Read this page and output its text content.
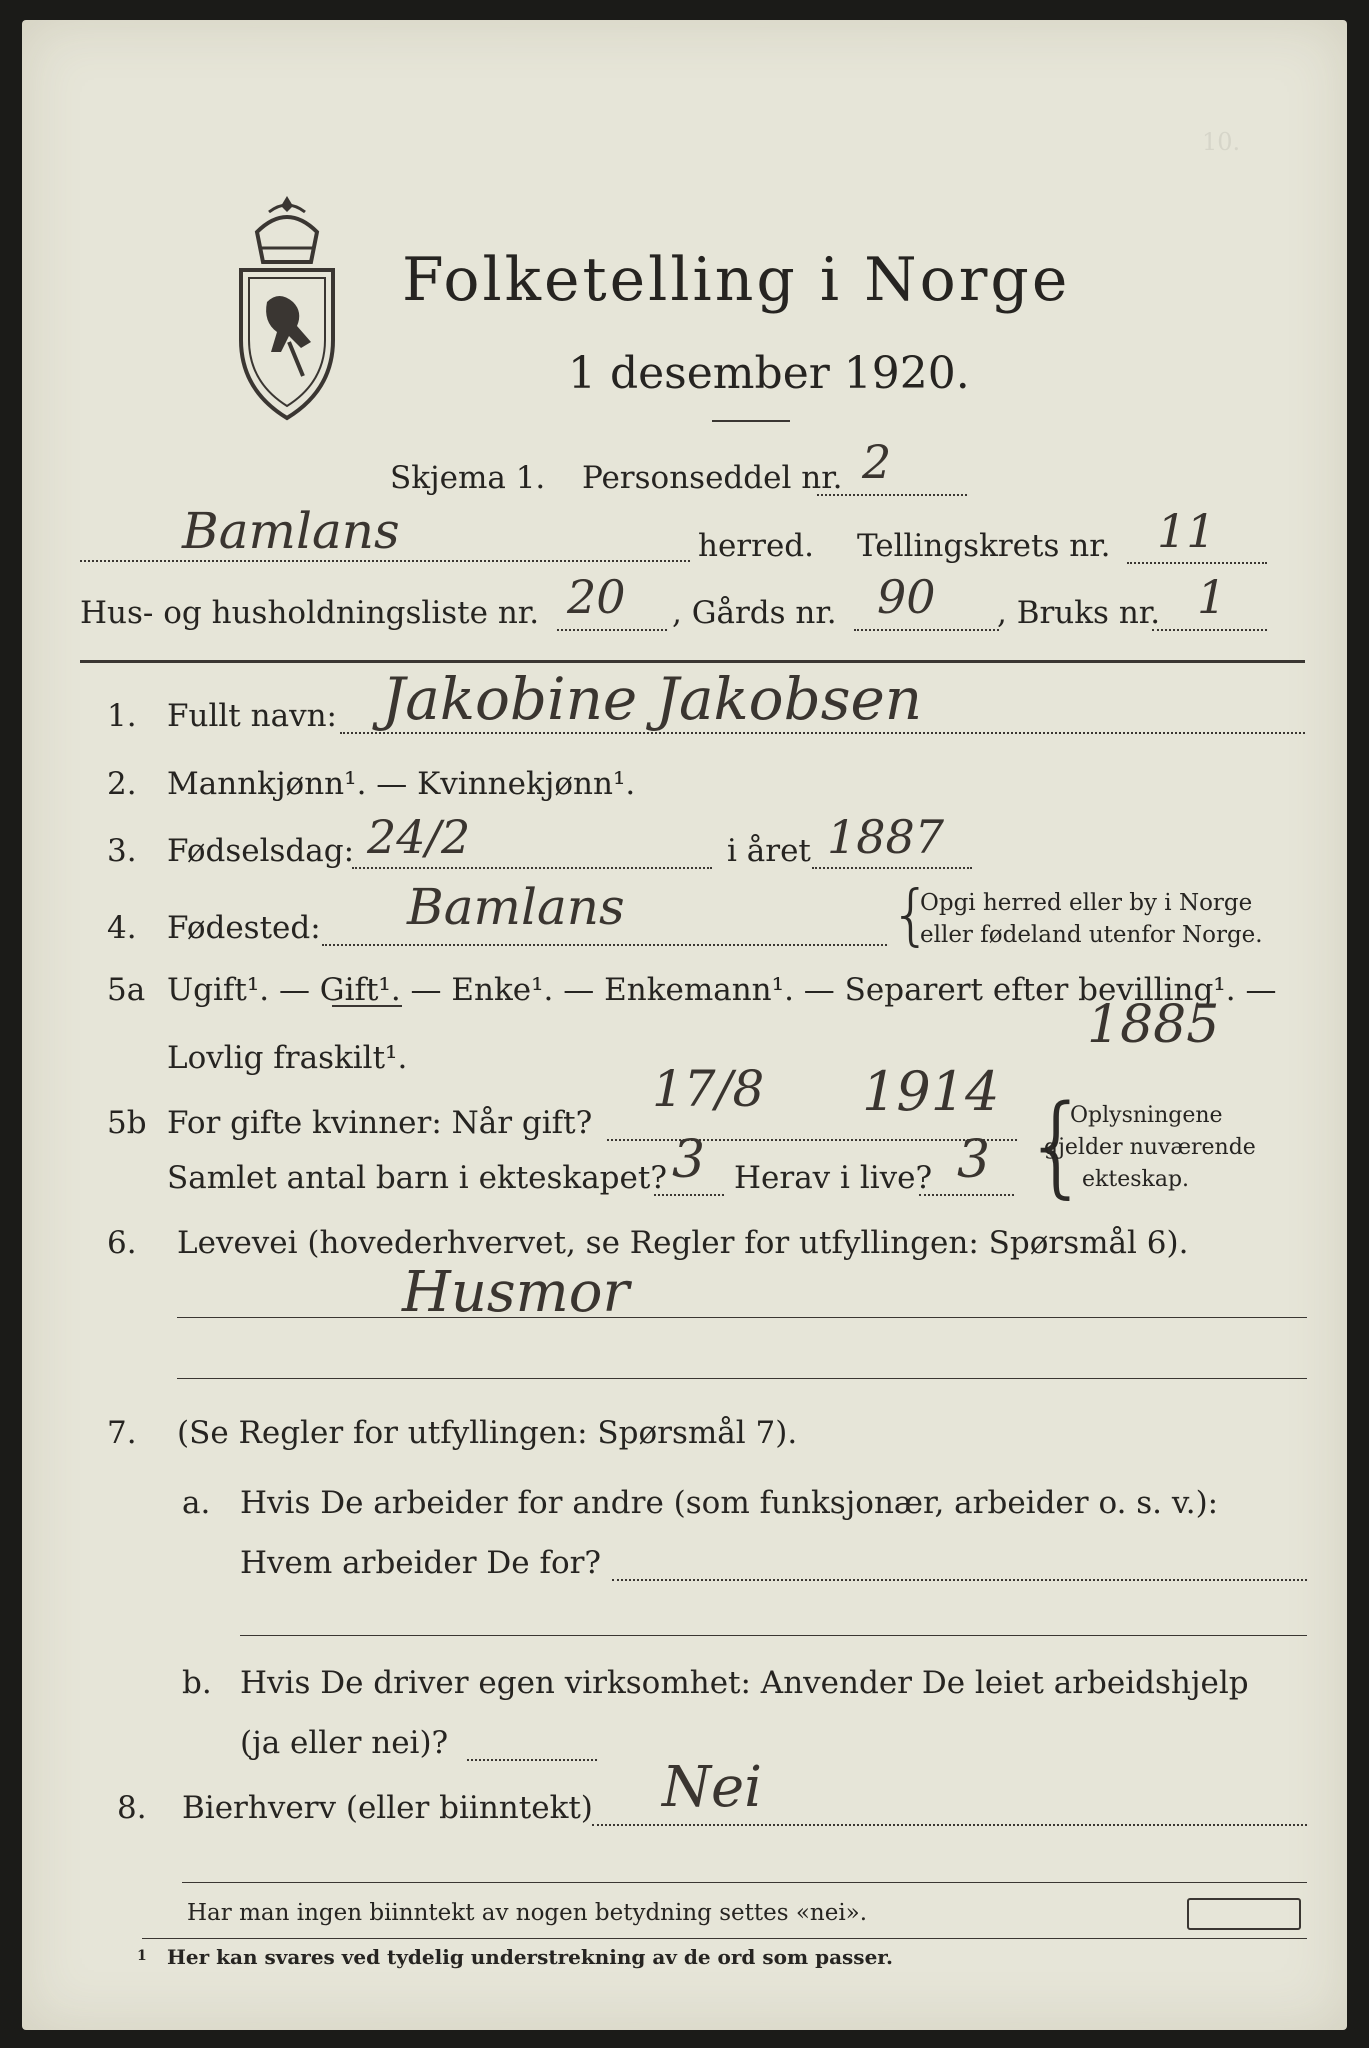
10.
Folketelling i Norge
1 desember 1920.
Skjema 1. Personseddel nr. 2
Bamlans	herred. Tellingskrets nr. 11
Hus- og husholdningsliste nr. 20 , Gårds nr. 90 , Bruks nr. 1
1. Fullt navn: Jakobine Jakobsen
2. Mannkjønn¹. — Kvinnekjønn¹.
3. Fødselsdag: 24/2	i året 1887
4. Fødested: Bamlans	{
Opgi herred eller by i Norge
eller fødeland utenfor Norge.
5a Ugift¹. — Gift¹. — Enke¹. — Enkemann¹. — Separert efter bevilling¹. —
Lovlig fraskilt¹.
1885
5b For gifte kvinner: Når gift?
17/8 1914
Samlet antal barn i ekteskapet? 3 Herav i live? 3 {
Oplysningene
gjelder nuværende
ekteskap.
6. Levevei (hovederhvervet, se Regler for utfyllingen: Spørsmål 6).
Husmor
7. (Se Regler for utfyllingen: Spørsmål 7).
a. Hvis De arbeider for andre (som funksjonær, arbeider o. s. v.):
Hvem arbeider De for?
b. Hvis De driver egen virksomhet: Anvender De leiet arbeidshjelp
(ja eller nei)?
8. Bierhverv (eller biinntekt) Nei
Har man ingen biinntekt av nogen betydning settes «nei».
1 Her kan svares ved tydelig understrekning av de ord som passer.
